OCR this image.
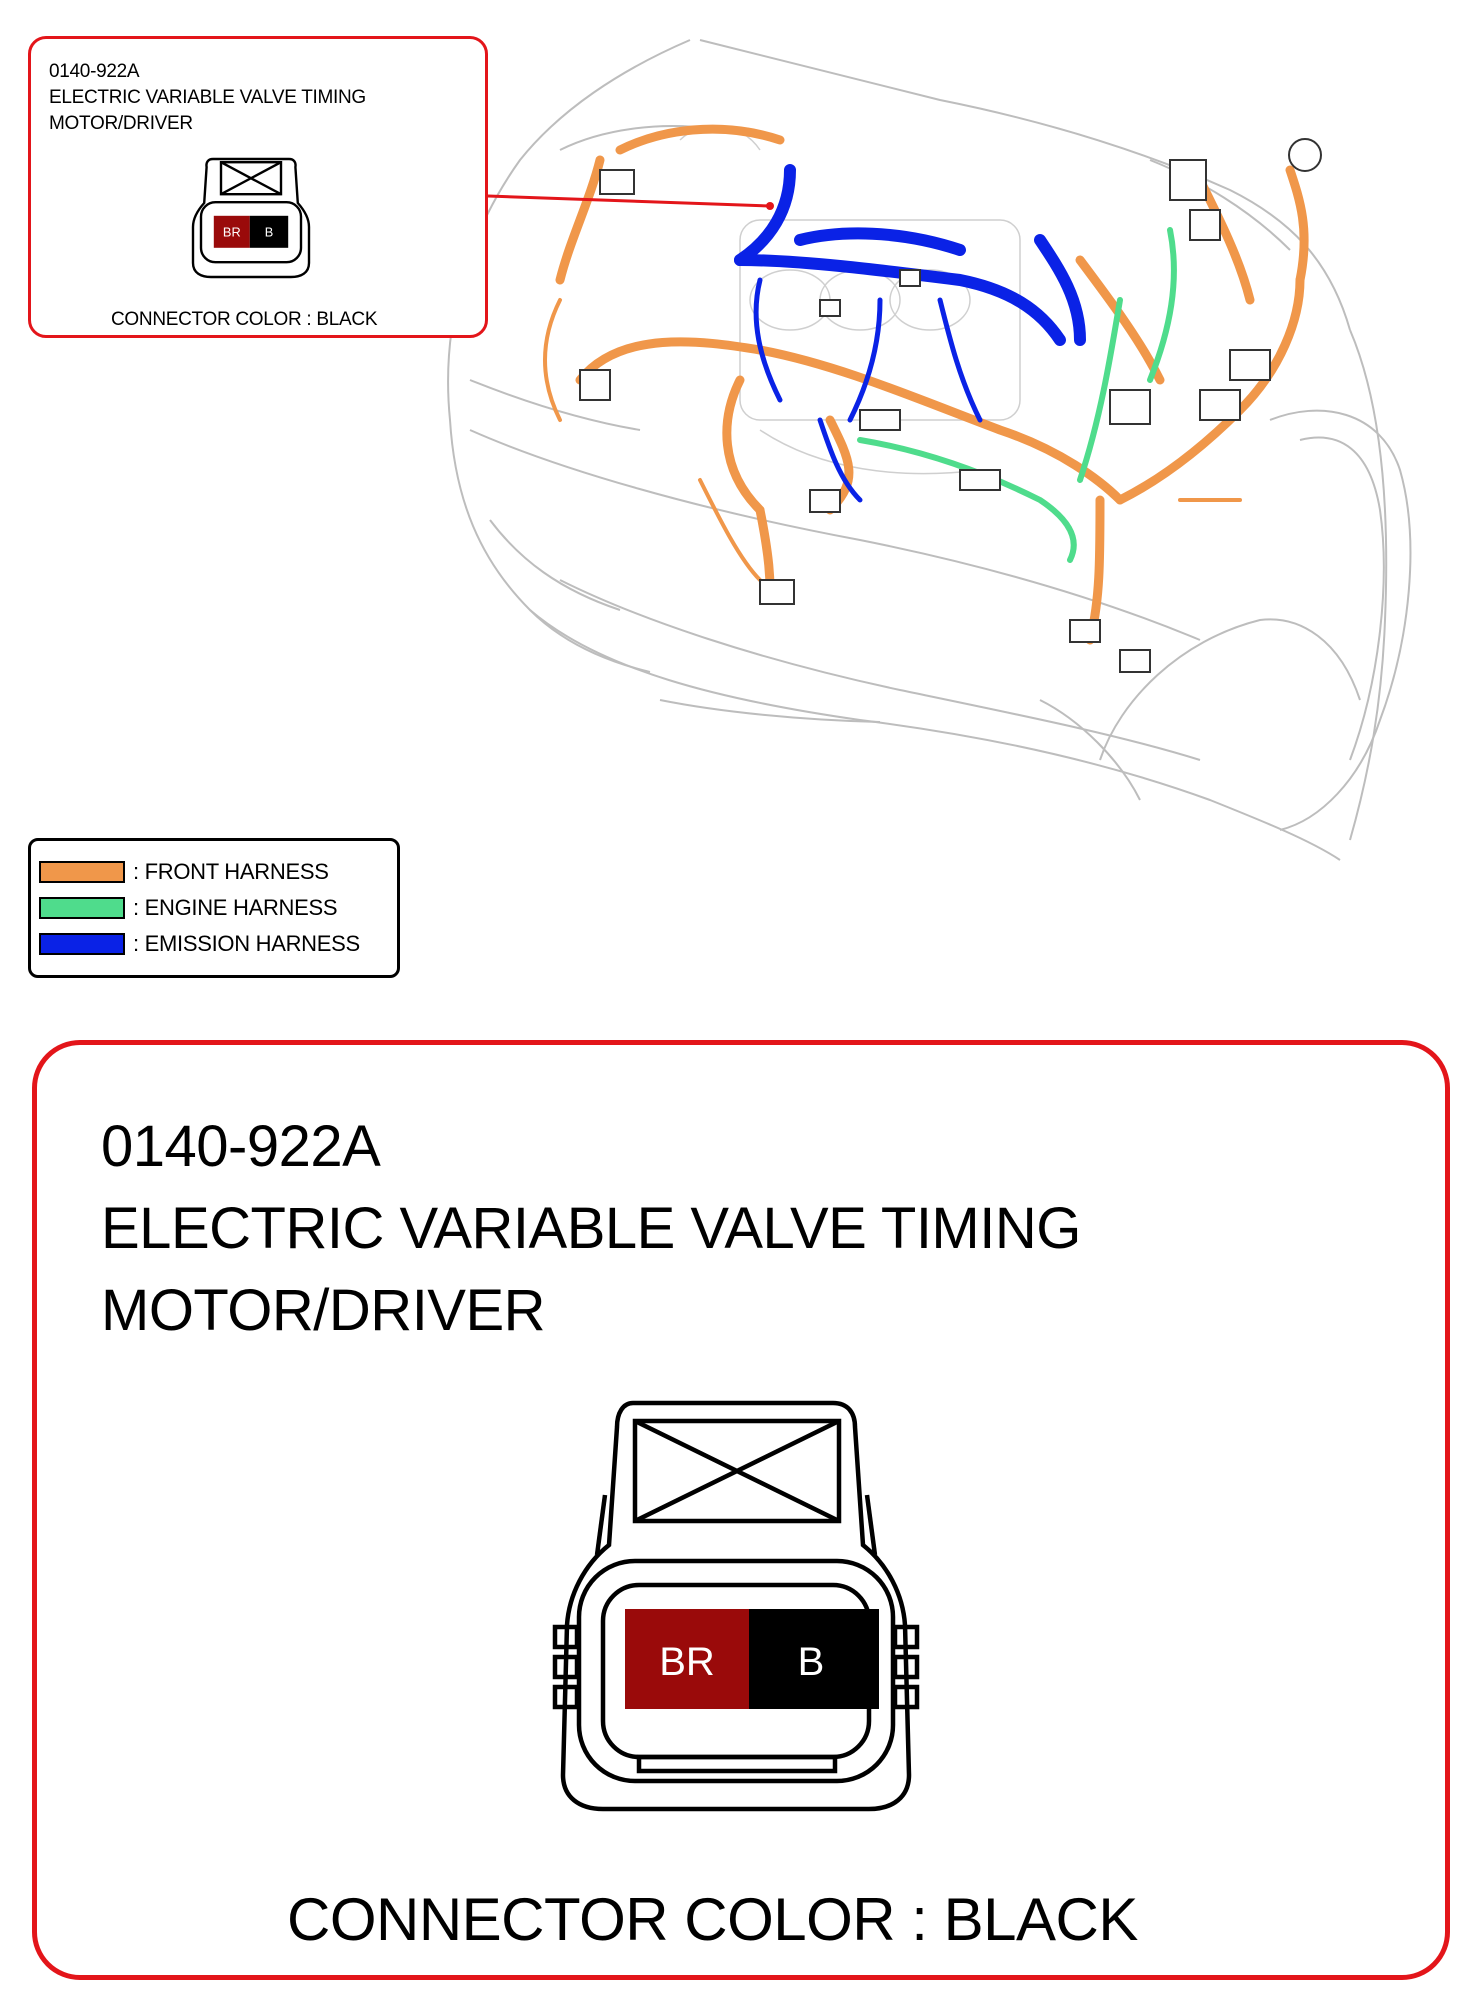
0140-922A
ELECTRIC VARIABLE VALVE TIMING
MOTOR/DRIVER
BR B
CONNECTOR COLOR : BLACK
: FRONT HARNESS
: ENGINE HARNESS
: EMISSION HARNESS
0140-922A
ELECTRIC VARIABLE VALVE TIMING
MOTOR/DRIVER
BR B
CONNECTOR COLOR : BLACK
